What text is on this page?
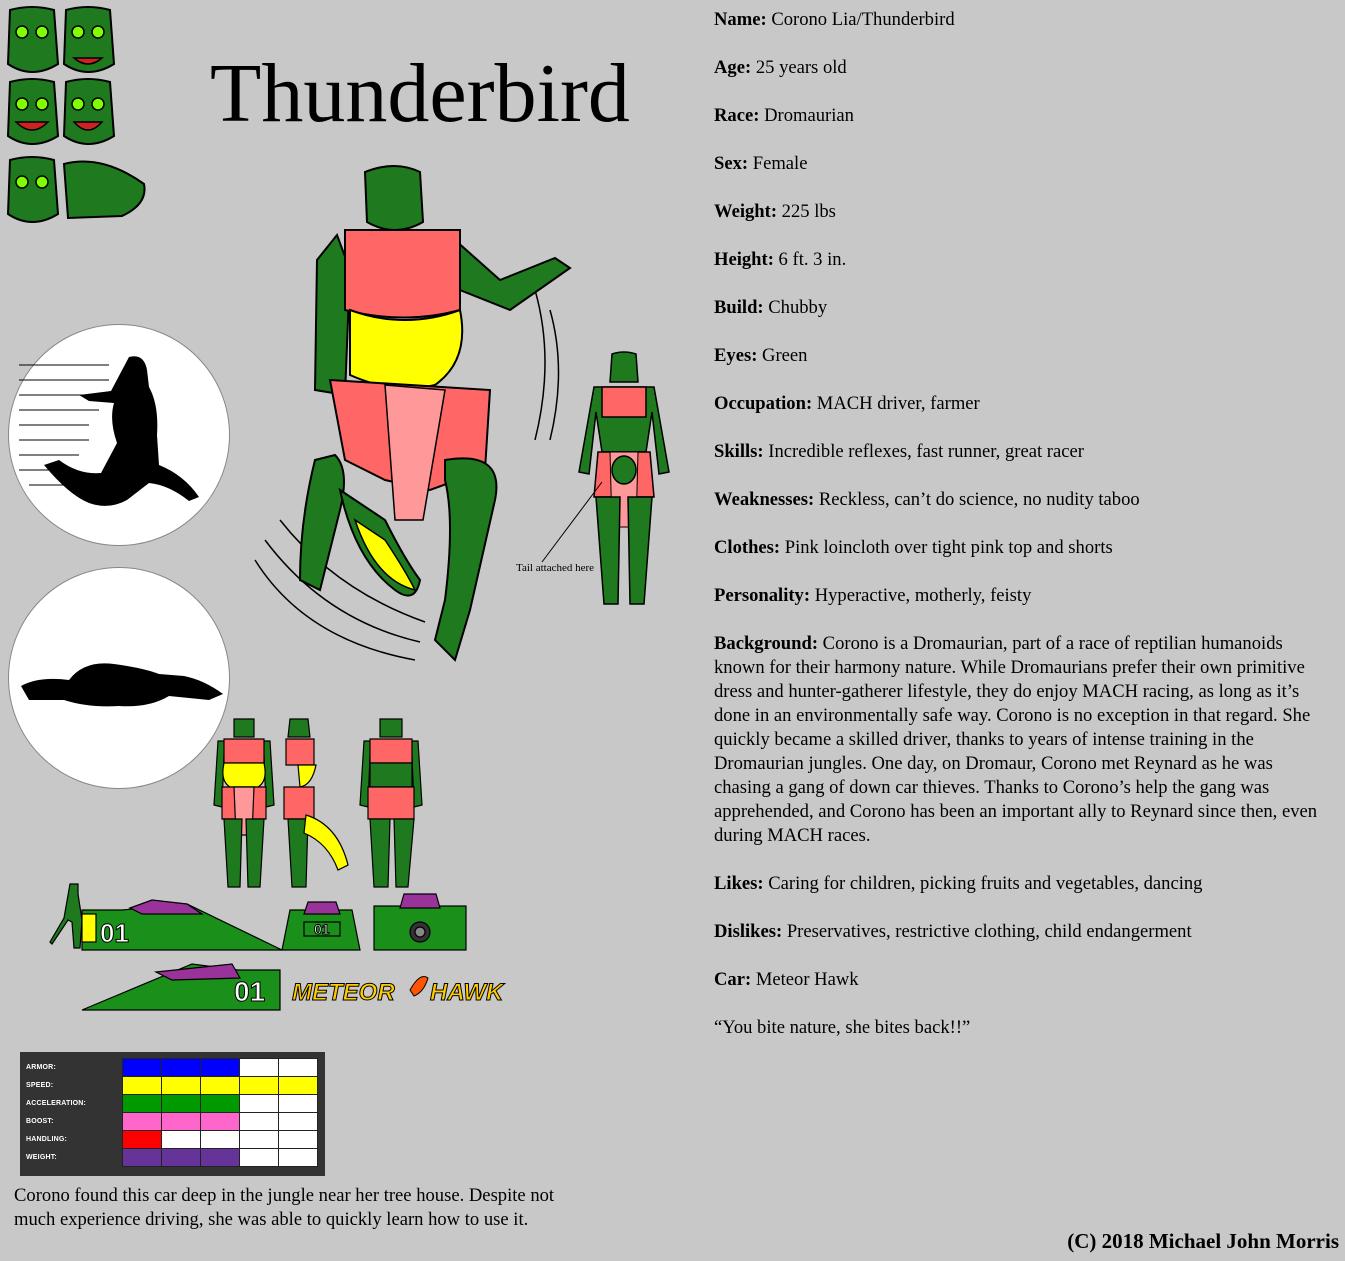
Thunderbird
Tail attached here
01	01
01 METEOR HAWK
ARMOR:					
SPEED:					
ACCELERATION:					
BOOST:					
HANDLING:					
WEIGHT:					
Corono found this car deep in the jungle near her tree house. Despite not much experience driving, she was able to quickly learn how to use it.

Name: Corono Lia/Thunderbird

Age: 25 years old

Race: Dromaurian

Sex: Female

Weight: 225 lbs

Height: 6 ft. 3 in.

Build: Chubby

Eyes: Green

Occupation: MACH driver, farmer

Skills: Incredible reflexes, fast runner, great racer

Weaknesses: Reckless, can’t do science, no nudity taboo

Clothes: Pink loincloth over tight pink top and shorts

Personality: Hyperactive, motherly, feisty

Background: Corono is a Dromaurian, part of a race of reptilian humanoids known for their harmony nature. While Dromaurians prefer their own primitive dress and hunter-gatherer lifestyle, they do enjoy MACH racing, as long as it’s done in an environmentally safe way. Corono is no exception in that regard. She quickly became a skilled driver, thanks to years of intense training in the Dromaurian jungles. One day, on Dromaur, Corono met Reynard as he was chasing a gang of down car thieves. Thanks to Corono’s help the gang was apprehended, and Corono has been an important ally to Reynard since then, even during MACH races.

Likes: Caring for children, picking fruits and vegetables, dancing

Dislikes: Preservatives, restrictive clothing, child endangerment

Car: Meteor Hawk

“You bite nature, she bites back!!”

(C) 2018 Michael John Morris
